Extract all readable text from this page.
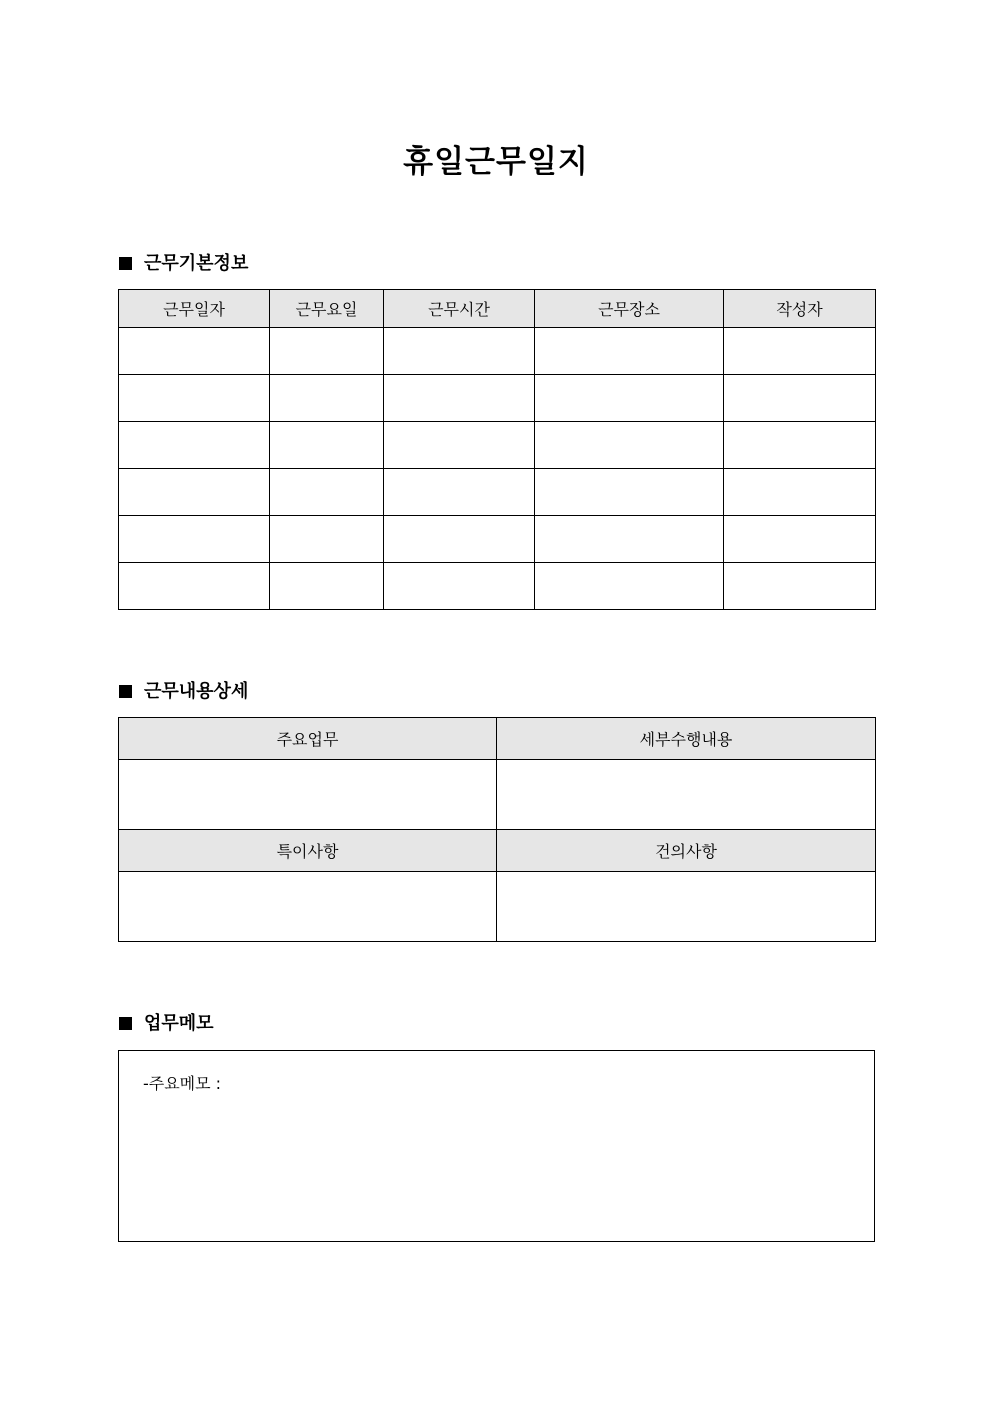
휴일근무일지
근무기본정보
근무일자	근무요일	근무시간	근무장소	작성자

근무내용상세
주요업무	세부수행내용

특이사항	건의사항

업무메모
-주요메모 :
